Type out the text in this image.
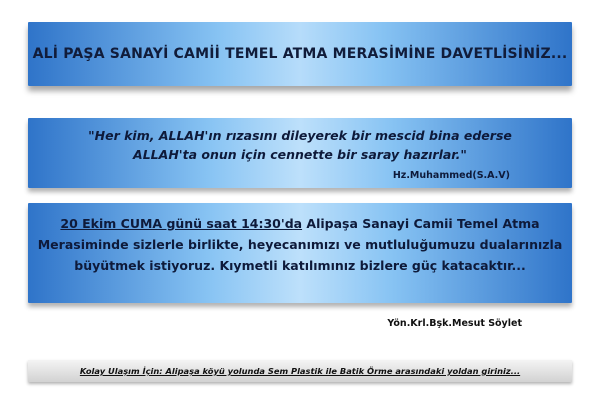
ALİ PAŞA SANAYİ CAMİİ TEMEL ATMA MERASİMİNE DAVETLİSİNİZ...
"Her kim, ALLAH'ın rızasını dileyerek bir mescid bina ederse
ALLAH'ta onun için cennette bir saray hazırlar."
Hz.Muhammed(S.A.V)
20 Ekim CUMA günü saat 14:30'da Alipaşa Sanayi Camii Temel Atma
Merasiminde sizlerle birlikte, heyecanımızı ve mutluluğumuzu dualarınızla
büyütmek istiyoruz. Kıymetli katılımınız bizlere güç katacaktır...
Yön.Krl.Bşk.Mesut Söylet
Kolay Ulaşım İçin: Alipaşa köyü yolunda Sem Plastik ile Batik Örme arasındaki yoldan giriniz...
